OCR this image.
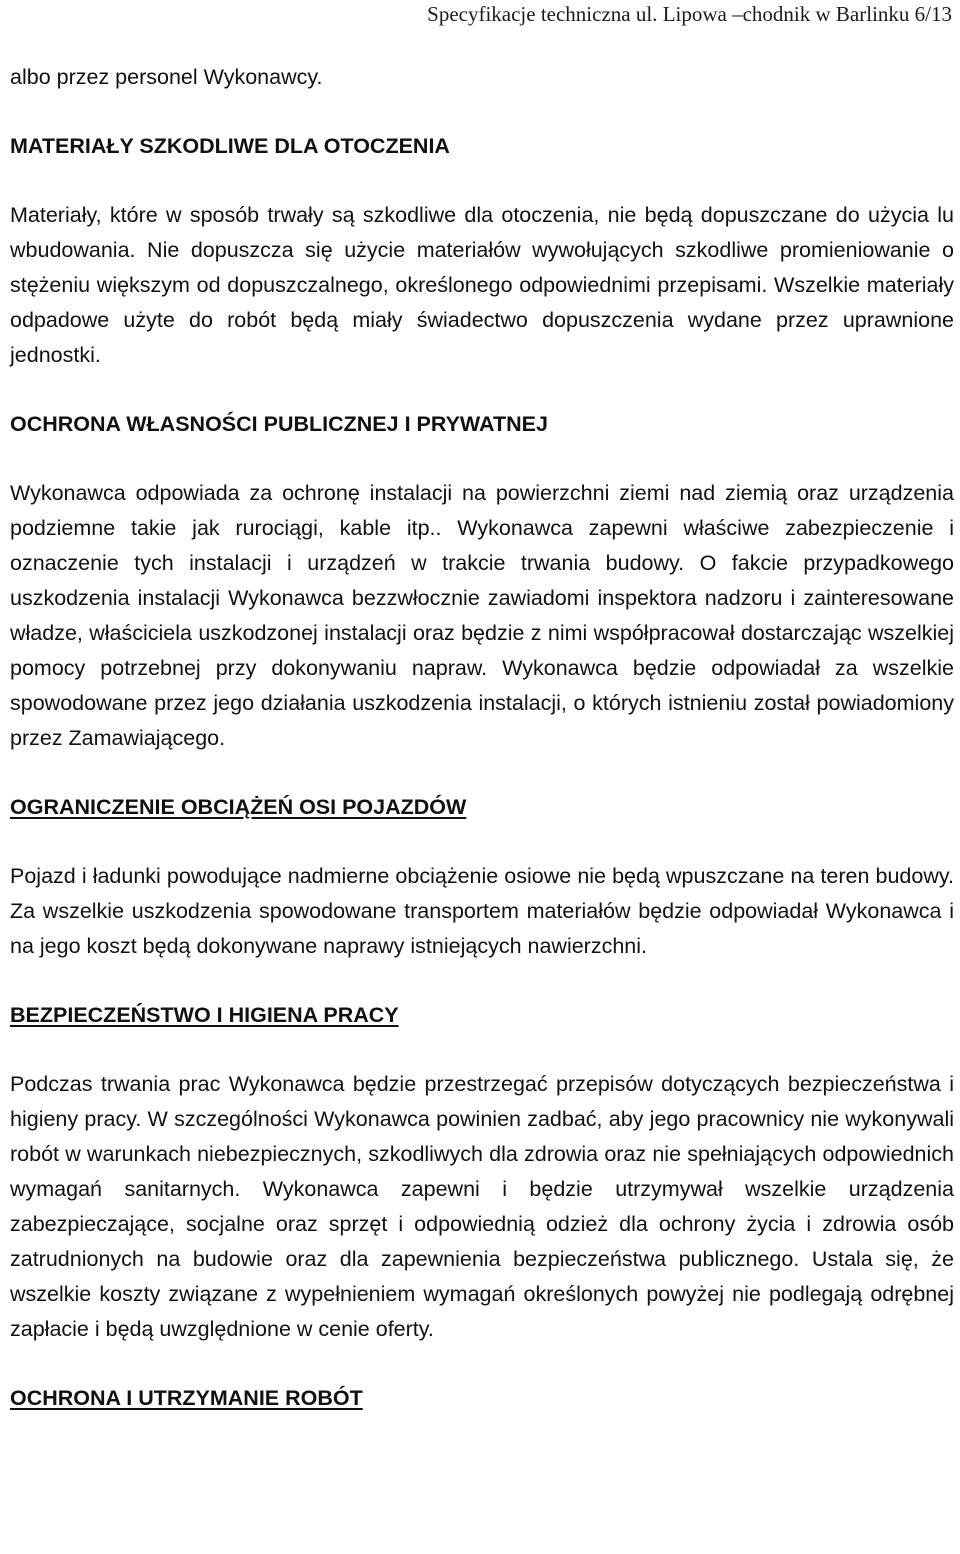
Specyfikacje techniczna ul. Lipowa –chodnik w Barlinku 6/13

albo przez personel Wykonawcy.

MATERIAŁY SZKODLIWE DLA OTOCZENIA

Materiały, które w sposób trwały są szkodliwe dla otoczenia, nie będą dopuszczane do użycia lu wbudowania. Nie dopuszcza się użycie materiałów wywołujących szkodliwe promieniowanie o stężeniu większym od dopuszczalnego, określonego odpowiednimi przepisami. Wszelkie materiały odpadowe użyte do robót będą miały świadectwo dopuszczenia wydane przez uprawnione jednostki.

OCHRONA WŁASNOŚCI PUBLICZNEJ I PRYWATNEJ

Wykonawca odpowiada za ochronę instalacji na powierzchni ziemi nad ziemią oraz urządzenia podziemne takie jak rurociągi, kable itp.. Wykonawca zapewni właściwe zabezpieczenie i oznaczenie tych instalacji i urządzeń w trakcie trwania budowy. O fakcie przypadkowego uszkodzenia instalacji Wykonawca bezzwłocznie zawiadomi inspektora nadzoru i zainteresowane władze, właściciela uszkodzonej instalacji oraz będzie z nimi współpracował dostarczając wszelkiej pomocy potrzebnej przy dokonywaniu napraw. Wykonawca będzie odpowiadał za wszelkie spowodowane przez jego działania uszkodzenia instalacji, o których istnieniu został powiadomiony przez Zamawiającego.

OGRANICZENIE OBCIĄŻEŃ OSI POJAZDÓW

Pojazd i ładunki powodujące nadmierne obciążenie osiowe nie będą wpuszczane na teren budowy. Za wszelkie uszkodzenia spowodowane transportem materiałów będzie odpowiadał Wykonawca i na jego koszt będą dokonywane naprawy istniejących nawierzchni.

BEZPIECZEŃSTWO I HIGIENA PRACY

Podczas trwania prac Wykonawca będzie przestrzegać przepisów dotyczących bezpieczeństwa i higieny pracy. W szczególności Wykonawca powinien zadbać, aby jego pracownicy nie wykonywali robót w warunkach niebezpiecznych, szkodliwych dla zdrowia oraz nie spełniających odpowiednich wymagań sanitarnych. Wykonawca zapewni i będzie utrzymywał wszelkie urządzenia zabezpieczające, socjalne oraz sprzęt i odpowiednią odzież dla ochrony życia i zdrowia osób zatrudnionych na budowie oraz dla zapewnienia bezpieczeństwa publicznego. Ustala się, że wszelkie koszty związane z wypełnieniem wymagań określonych powyżej nie podlegają odrębnej zapłacie i będą uwzględnione w cenie oferty.

OCHRONA I UTRZYMANIE ROBÓT
